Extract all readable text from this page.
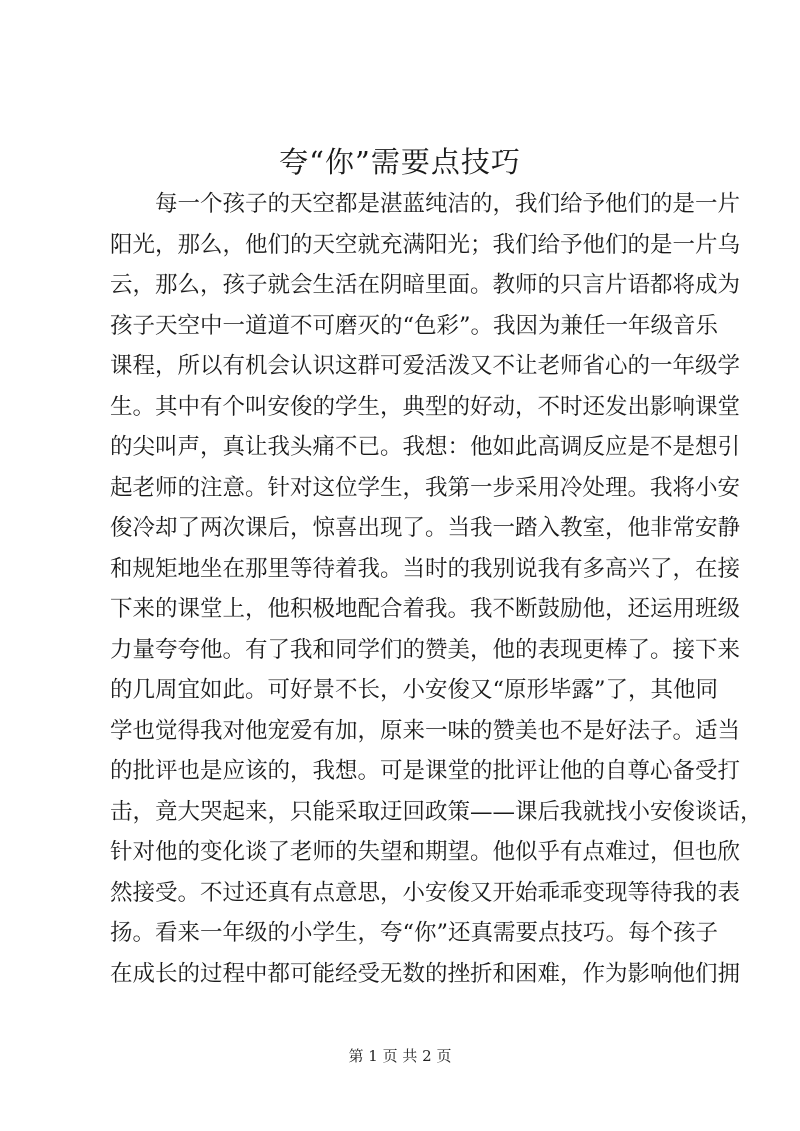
夸“你”需要点技巧
每一个孩子的天空都是湛蓝纯洁的，我们给予他们的是一片
阳光，那么，他们的天空就充满阳光；我们给予他们的是一片乌
云，那么，孩子就会生活在阴暗里面。教师的只言片语都将成为
孩子天空中一道道不可磨灭的“色彩”。我因为兼任一年级音乐
课程，所以有机会认识这群可爱活泼又不让老师省心的一年级学
生。其中有个叫安俊的学生，典型的好动，不时还发出影响课堂
的尖叫声，真让我头痛不已。我想：他如此高调反应是不是想引
起老师的注意。针对这位学生，我第一步采用冷处理。我将小安
俊冷却了两次课后，惊喜出现了。当我一踏入教室，他非常安静
和规矩地坐在那里等待着我。当时的我别说我有多高兴了，在接
下来的课堂上，他积极地配合着我。我不断鼓励他，还运用班级
力量夸夸他。有了我和同学们的赞美，他的表现更棒了。接下来
的几周宜如此。可好景不长，小安俊又“原形毕露”了，其他同
学也觉得我对他宠爱有加，原来一味的赞美也不是好法子。适当
的批评也是应该的，我想。可是课堂的批评让他的自尊心备受打
击，竟大哭起来，只能采取迂回政策——课后我就找小安俊谈话，
针对他的变化谈了老师的失望和期望。他似乎有点难过，但也欣
然接受。不过还真有点意思，小安俊又开始乖乖变现等待我的表
扬。看来一年级的小学生，夸“你”还真需要点技巧。每个孩子
在成长的过程中都可能经受无数的挫折和困难，作为影响他们拥
第 1 页 共 2 页
